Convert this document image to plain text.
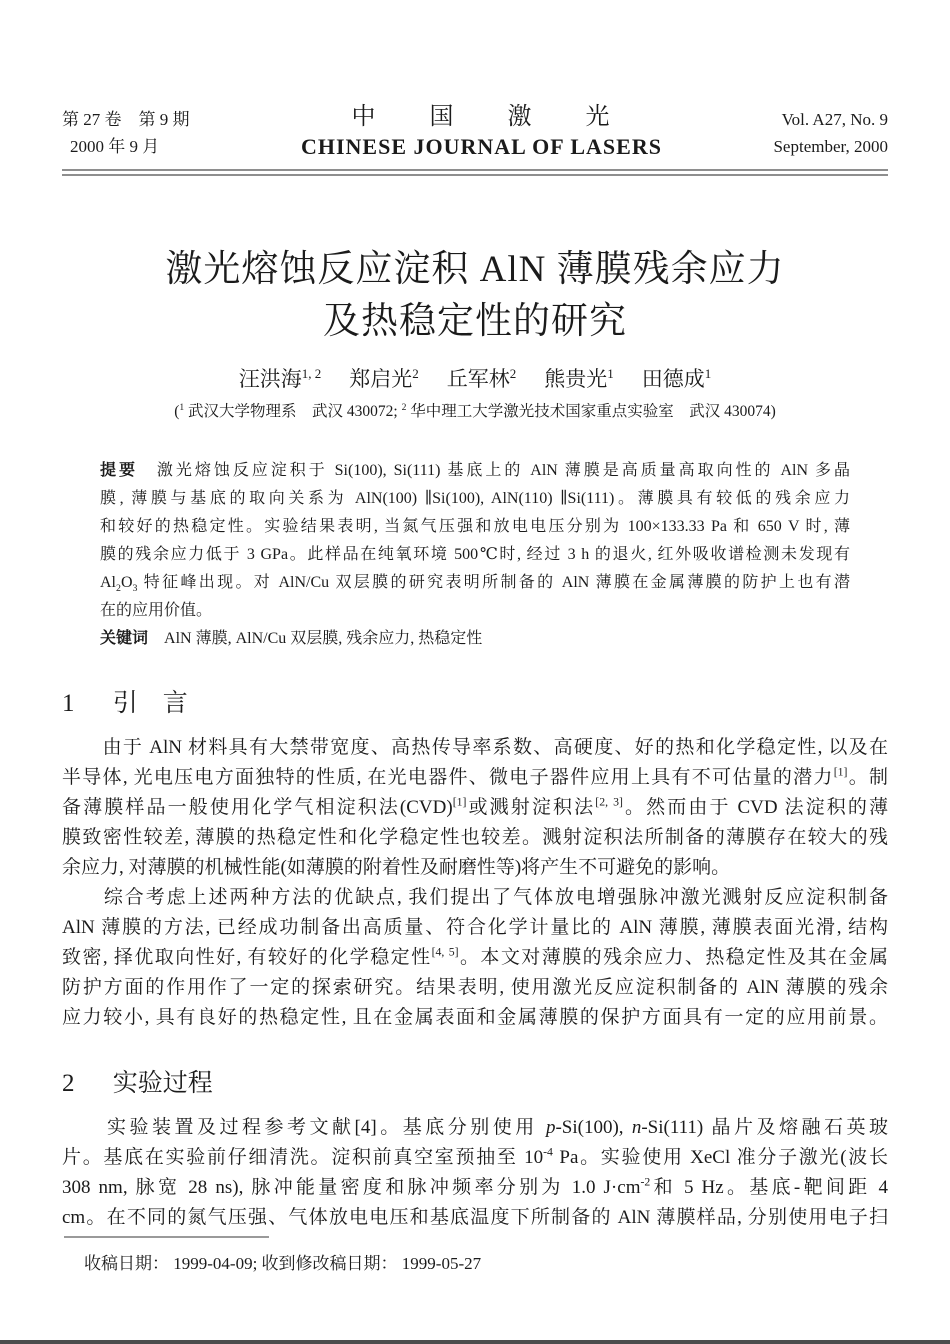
第 27 卷　第 9 期
2000 年 9 月
中　　国　　激　　光
CHINESE JOURNAL OF LASERS
Vol. A27, No. 9
September, 2000
激光熔蚀反应淀积 AlN 薄膜残余应力
及热稳定性的研究
汪洪海$^{1, 2}$ 郑启光$^2$ 丘军林$^2$ 熊贵光$^1$ 田德成$^1$
($^1$ 武汉大学物理系　武汉 430072; $^2$ 华中理工大学激光技术国家重点实验室　武汉 430074)
提要　激光熔蚀反应淀积于 Si(100), Si(111) 基底上的 AlN 薄膜是高质量高取向性的 AlN 多晶
膜, 薄膜与基底的取向关系为 AlN(100) ∥Si(100), AlN(110) ∥Si(111)。薄膜具有较低的残余应力
和较好的热稳定性。实验结果表明, 当氮气压强和放电电压分别为 100×133.33 Pa 和 650 V 时, 薄
膜的残余应力低于 3 GPa。此样品在纯氧环境 500℃时, 经过 3 h 的退火, 红外吸收谱检测未发现有
$Al_2O_3$ 特征峰出现。对 AlN/Cu 双层膜的研究表明所制备的 AlN 薄膜在金属薄膜的防护上也有潜
在的应用价值。
关键词　AlN 薄膜, AlN/Cu 双层膜, 残余应力, 热稳定性
1 引　言
　　由于 AlN 材料具有大禁带宽度、高热传导率系数、高硬度、好的热和化学稳定性, 以及在
半导体, 光电压电方面独特的性质, 在光电器件、微电子器件应用上具有不可估量的潜力[1]。制
备薄膜样品一般使用化学气相淀积法(CVD)[1]或溅射淀积法[2, 3]。然而由于 CVD 法淀积的薄
膜致密性较差, 薄膜的热稳定性和化学稳定性也较差。溅射淀积法所制备的薄膜存在较大的残
余应力, 对薄膜的机械性能(如薄膜的附着性及耐磨性等)将产生不可避免的影响。
　　综合考虑上述两种方法的优缺点, 我们提出了气体放电增强脉冲激光溅射反应淀积制备
AlN 薄膜的方法, 已经成功制备出高质量、符合化学计量比的 AlN 薄膜, 薄膜表面光滑, 结构
致密, 择优取向性好, 有较好的化学稳定性[4, 5]。本文对薄膜的残余应力、热稳定性及其在金属
防护方面的作用作了一定的探索研究。结果表明, 使用激光反应淀积制备的 AlN 薄膜的残余
应力较小, 具有良好的热稳定性, 且在金属表面和金属薄膜的保护方面具有一定的应用前景。
2 实验过程
　　实验装置及过程参考文献[4]。基底分别使用 p-Si(100), n-Si(111) 晶片及熔融石英玻
片。基底在实验前仔细清洗。淀积前真空室预抽至 $10^{-4}$ Pa。实验使用 XeCl 准分子激光(波长
308 nm, 脉宽 28 ns), 脉冲能量密度和脉冲频率分别为 1.0 $J\cdot cm^{-2}$和 5 Hz。基底-靶间距 4
cm。在不同的氮气压强、气体放电电压和基底温度下所制备的 AlN 薄膜样品, 分别使用电子扫
收稿日期： 1999-04-09; 收到修改稿日期： 1999-05-27
